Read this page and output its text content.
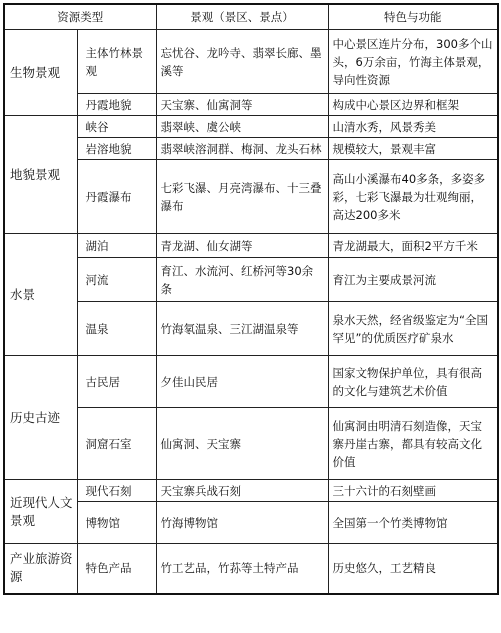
资源类型		景观（景区、景点）	特色与功能
生物景观	主体竹林景观	忘忧谷、龙吟寺、翡翠长廊、墨溪等	中心景区连片分布，300多个山头，6万余亩，竹海主体景观，导向性资源
	丹霞地貌	天宝寨、仙寓洞等	构成中心景区边界和框架
地貌景观	峡谷	翡翠峡、虞公峡	山清水秀，风景秀美
	岩溶地貌	翡翠峡溶洞群、梅洞、龙头石林	规模较大，景观丰富
	丹霞瀑布	七彩飞瀑、月亮湾瀑布、十三叠瀑布	高山小溪瀑布40多条，多姿多彩，七彩飞瀑最为壮观绚丽，高达200多米
水景	湖泊	青龙湖、仙女湖等	青龙湖最大，面积2平方千米
	河流	育江、水流河、红桥河等30余条	育江为主要成景河流
	温泉	竹海氡温泉、三江湖温泉等	泉水天然，经省级鉴定为“全国罕见”的优质医疗矿泉水
历史古迹	古民居	夕佳山民居	国家文物保护单位，具有很高的文化与建筑艺术价值
	洞窟石室	仙寓洞、天宝寨	仙寓洞由明清石刻造像，天宝寨丹崖古寨，都具有较高文化价值
近现代人文景观	现代石刻	天宝寨兵战石刻	三十六计的石刻壁画
	博物馆	竹海博物馆	全国第一个竹类博物馆
产业旅游资源	特色产品	竹工艺品，竹荪等土特产品	历史悠久，工艺精良
